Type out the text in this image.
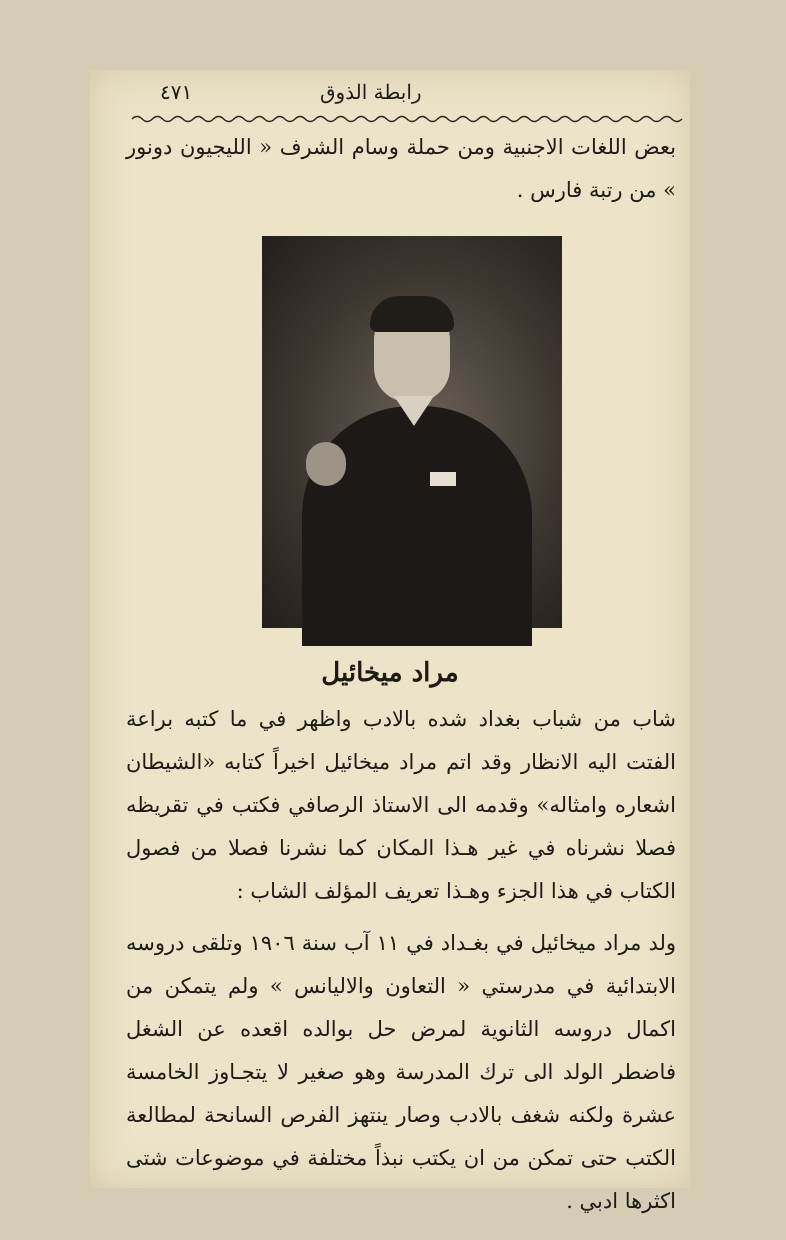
٤٧١	رابطة الذوق

بعض اللغات الاجنبية ومن حملة وسام الشرف « الليجيون دونور » من رتبة فارس .

مراد ميخائيل

شاب من شباب بغداد شده بالادب واظهر في ما كتبه براعة الفتت اليه الانظار وقد اتم مراد ميخائيل اخيراً كتابه «الشيطان اشعاره وامثاله» وقدمه الى الاستاذ الرصافي فكتب في تقريظه فصلا نشرناه في غير هـذا المكان كما نشرنا فصلا من فصول الكتاب في هذا الجزء وهـذا تعريف المؤلف الشاب :

ولد مراد ميخائيل في بغـداد في ١١ آب سنة ١٩٠٦ وتلقى دروسه الابتدائية في مدرستي « التعاون والاليانس » ولم يتمكن من اكمال دروسه الثانوية لمرض حل بوالده اقعده عن الشغل فاضطر الولد الى ترك المدرسة وهو صغير لا يتجـاوز الخامسة عشرة ولكنه شغف بالادب وصار ينتهز الفرص السانحة لمطالعة الكتب حتى تمكن من ان يكتب نبذاً مختلفة في موضوعات شتى اكثرها ادبي .
